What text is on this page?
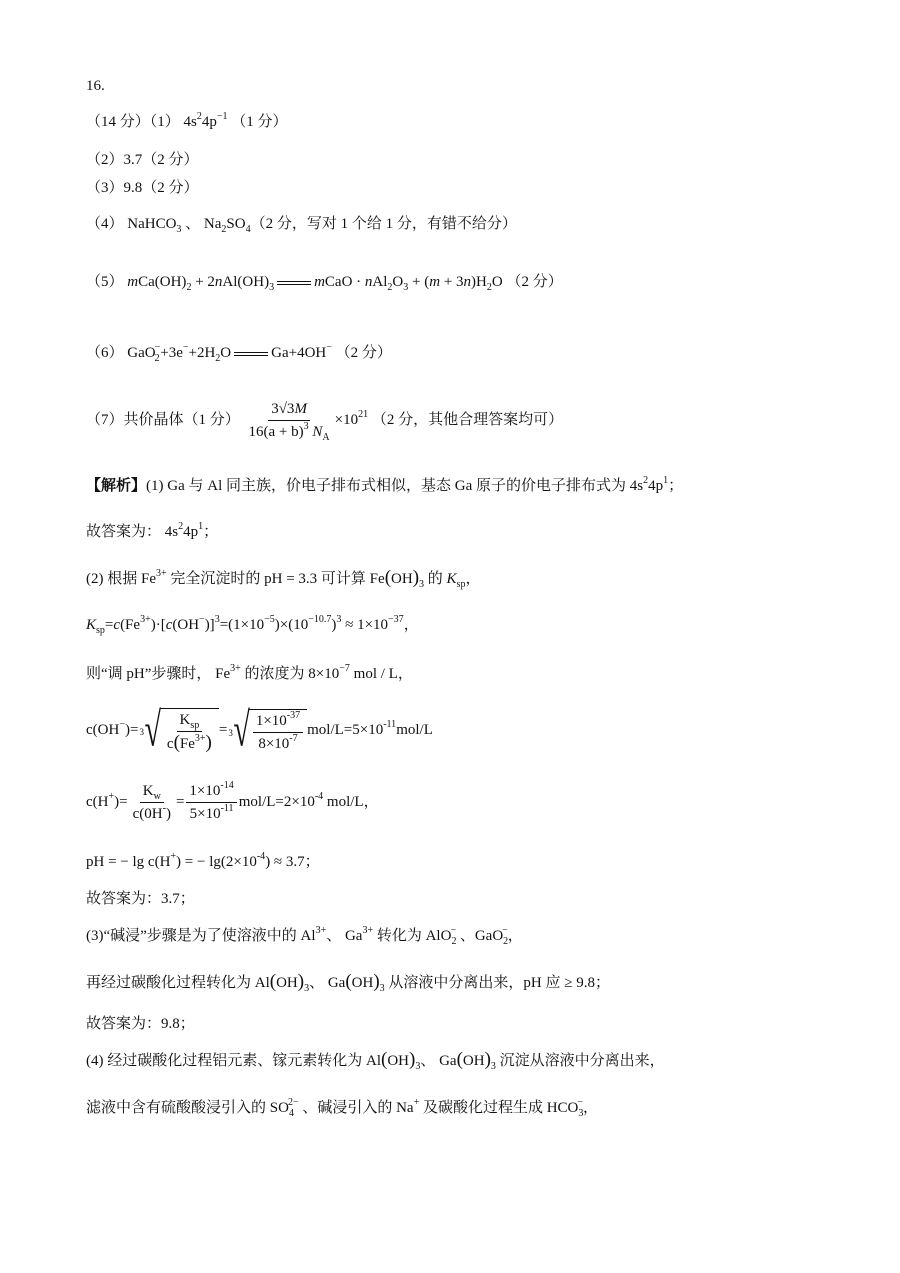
16.
（14 分）（1） $4s^24p^{-1}$ （1 分）
（2）3.7（2 分）
（3）9.8（2 分）
（4） NaHCO$_3$ 、 $Na_2SO_4(2$ 分，写对 1 个给 1 分，有错不给分）
（5） $mCa(OH)_2 + 2nAl(OH)_3$	mCaO · $nAl_2O_3 + (m + 3n)H_2O$ （2 分）
（6） $GaO_2^-+3e^-+2H_2O$	Ga+4OH− （2 分）
（7）共价晶体（1 分） $\frac{3√3M}{16(a + b)^3 N_A} \times 10^{21}$ （2 分，其他合理答案均可）
【解析】(1) Ga 与 Al 同主族，价电子排布式相似，基态 Ga 原子的价电子排布式为 $4s^24p^1$；
故答案为： $4s^24p^1$；
(2) 根据 $Fe^{3+}$ 完全沉淀时的 pH = 3.3 可计算 $Fe(OH)_3$ 的 $K_{sp}$，
$K_{sp}=c(Fe^{3+})\cdot[c(OH^-)]^3=(1\times 10^{-5})\times(10^{-10.7})^3 \approx 1\times 10^{-37}$，
则“调 pH”步骤时， $Fe^{3+}$ 的浓度为 $8\times 10^{-7}$ mol / L，
c(OH−)= 3 √ $\frac{K_{sp}}{c(Fe^{3+})} = 3$ √ $\frac{1\times 10^{-37}}{8\times 10^{-7}} mol/L=5\times 10^{-11}mol/L$
$c(H^+)= \frac{K_w}{c(0H^-)} = \frac{1\times 10^{-14}}{5\times 10^{-11}} mol/L=2\times 10^{-4}$ mol/L，
pH = − lg c(H+) = − $\lg(2\times 10^{-4}) \approx 3.7$；
故答案为：3.7；
(3)“碱浸”步骤是为了使溶液中的 $Al^{3+}$、 $Ga^{3+}$ 转化为 AlO$_2$− 、GaO$_2$−，
再经过碳酸化过程转化为 $Al(OH)_3$、 $Ga(OH)_3$ 从溶液中分离出来，pH 应 ≥ 9.8；
故答案为：9.8；
(4) 经过碳酸化过程铝元素、镓元素转化为 $Al(OH)_3$、 $Ga(OH)_3$ 沉淀从溶液中分离出来，
滤液中含有硫酸酸浸引入的 $SO_4^{2-}$ 、碱浸引入的 Na+ 及碳酸化过程生成 $HCO_3^-$，
